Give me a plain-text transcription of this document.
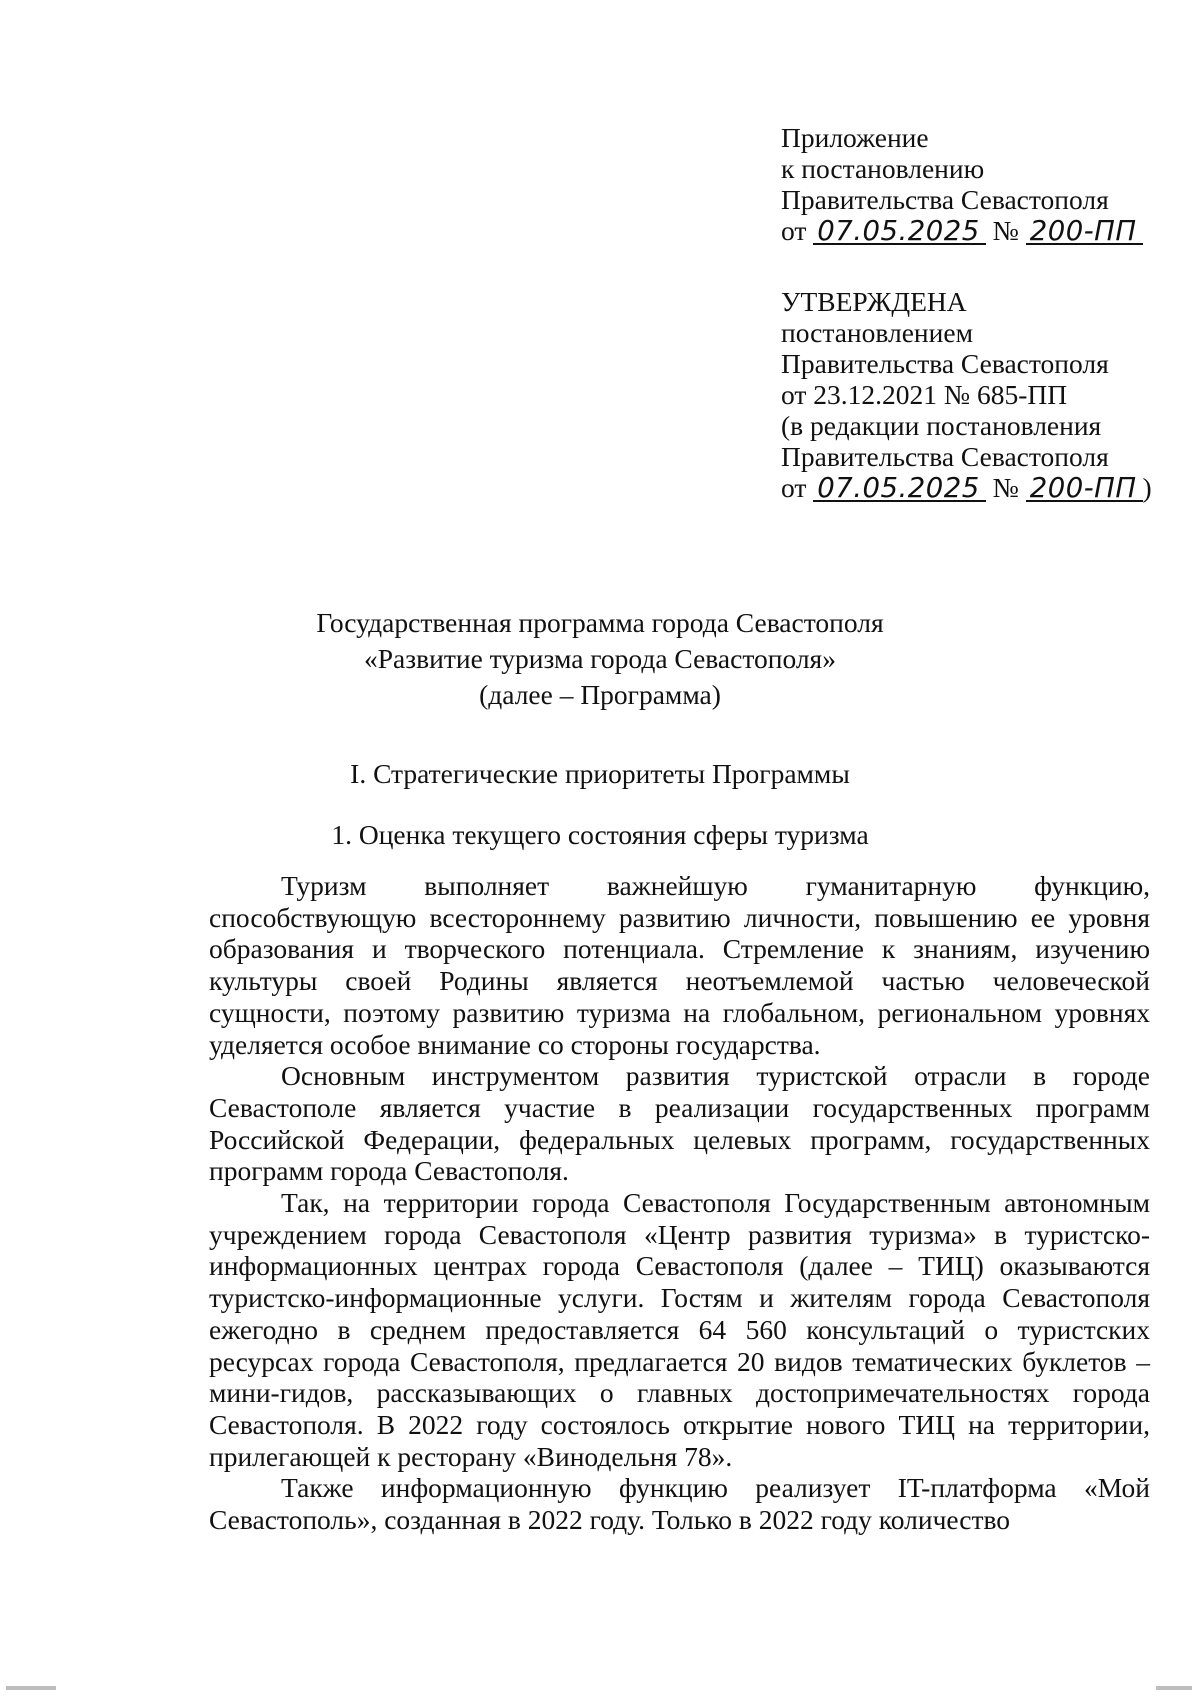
Приложение
к постановлению
Правительства Севастополя
от 07.05.2025 № 200-ПП
УТВЕРЖДЕНА
постановлением
Правительства Севастополя
от 23.12.2021 № 685-ПП
(в редакции постановления
Правительства Севастополя
от 07.05.2025 № 200-ПП )
Государственная программа города Севастополя
«Развитие туризма города Севастополя»
(далее – Программа)
I. Стратегические приоритеты Программы
1. Оценка текущего состояния сферы туризма

Туризм выполняет важнейшую гуманитарную функцию, способствующую всестороннему развитию личности, повышению ее уровня образования и творческого потенциала. Стремление к знаниям, изучению культуры своей Родины является неотъемлемой частью человеческой сущности, поэтому развитию туризма на глобальном, региональном уровнях уделяется особое внимание со стороны государства.

Основным инструментом развития туристской отрасли в городе Севастополе является участие в реализации государственных программ Российской Федерации, федеральных целевых программ, государственных программ города Севастополя.

Так, на территории города Севастополя Государственным автономным учреждением города Севастополя «Центр развития туризма» в туристско-информационных центрах города Севастополя (далее – ТИЦ) оказываются туристско-информационные услуги. Гостям и жителям города Севастополя ежегодно в среднем предоставляется 64 560 консультаций о туристских ресурсах города Севастополя, предлагается 20 видов тематических буклетов – мини-гидов, рассказывающих о главных достопримечательностях города Севастополя. В 2022 году состоялось открытие нового ТИЦ на территории, прилегающей к ресторану «Винодельня 78».

Также информационную функцию реализует IT-платформа «Мой Севастополь», созданная в 2022 году. Только в 2022 году количество
